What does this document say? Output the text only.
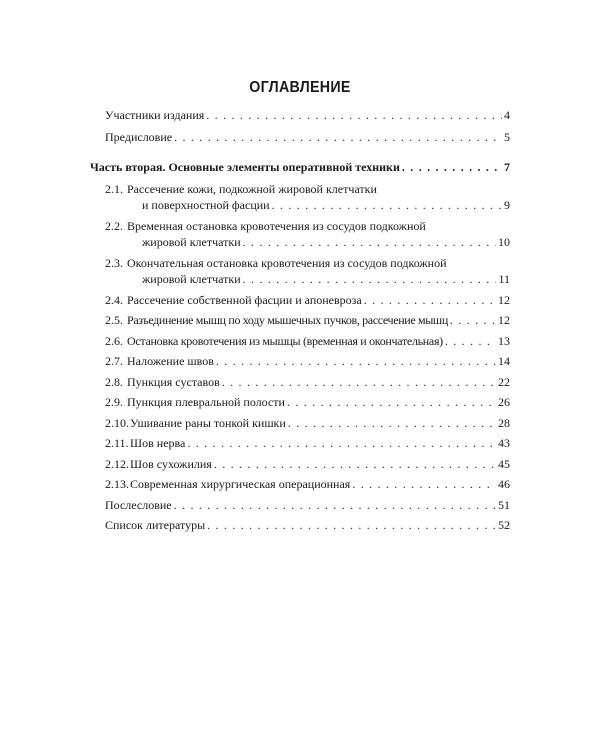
ОГЛАВЛЕНИЕ
Участники издания . . .	4
Предисловие . . .	5
Часть вторая. Основные элементы оперативной техники . . .	7
2.1. Рассечение кожи, подкожной жировой клетчатки
и поверхностной фасции . . .	9
2.2. Временная остановка кровотечения из сосудов подкожной
жировой клетчатки . . .	10
2.3. Окончательная остановка кровотечения из сосудов подкожной
жировой клетчатки . . .	11
2.4. Рассечение собственной фасции и апоневроза . . .	12
2.5. Разъединение мышц по ходу мышечных пучков, рассечение мышц . . .	12
2.6. Остановка кровотечения из мышцы (временная и окончательная) . . .	13
2.7. Наложение швов . . .	14
2.8. Пункция суставов . . .	22
2.9. Пункция плевральной полости . . .	26
2.10. Ушивание раны тонкой кишки . . .	28
2.11. Шов нерва . . .	43
2.12. Шов сухожилия . . .	45
2.13. Современная хирургическая операционная . . .	46
Послесловие . . .	51
Список литературы . . .	52
